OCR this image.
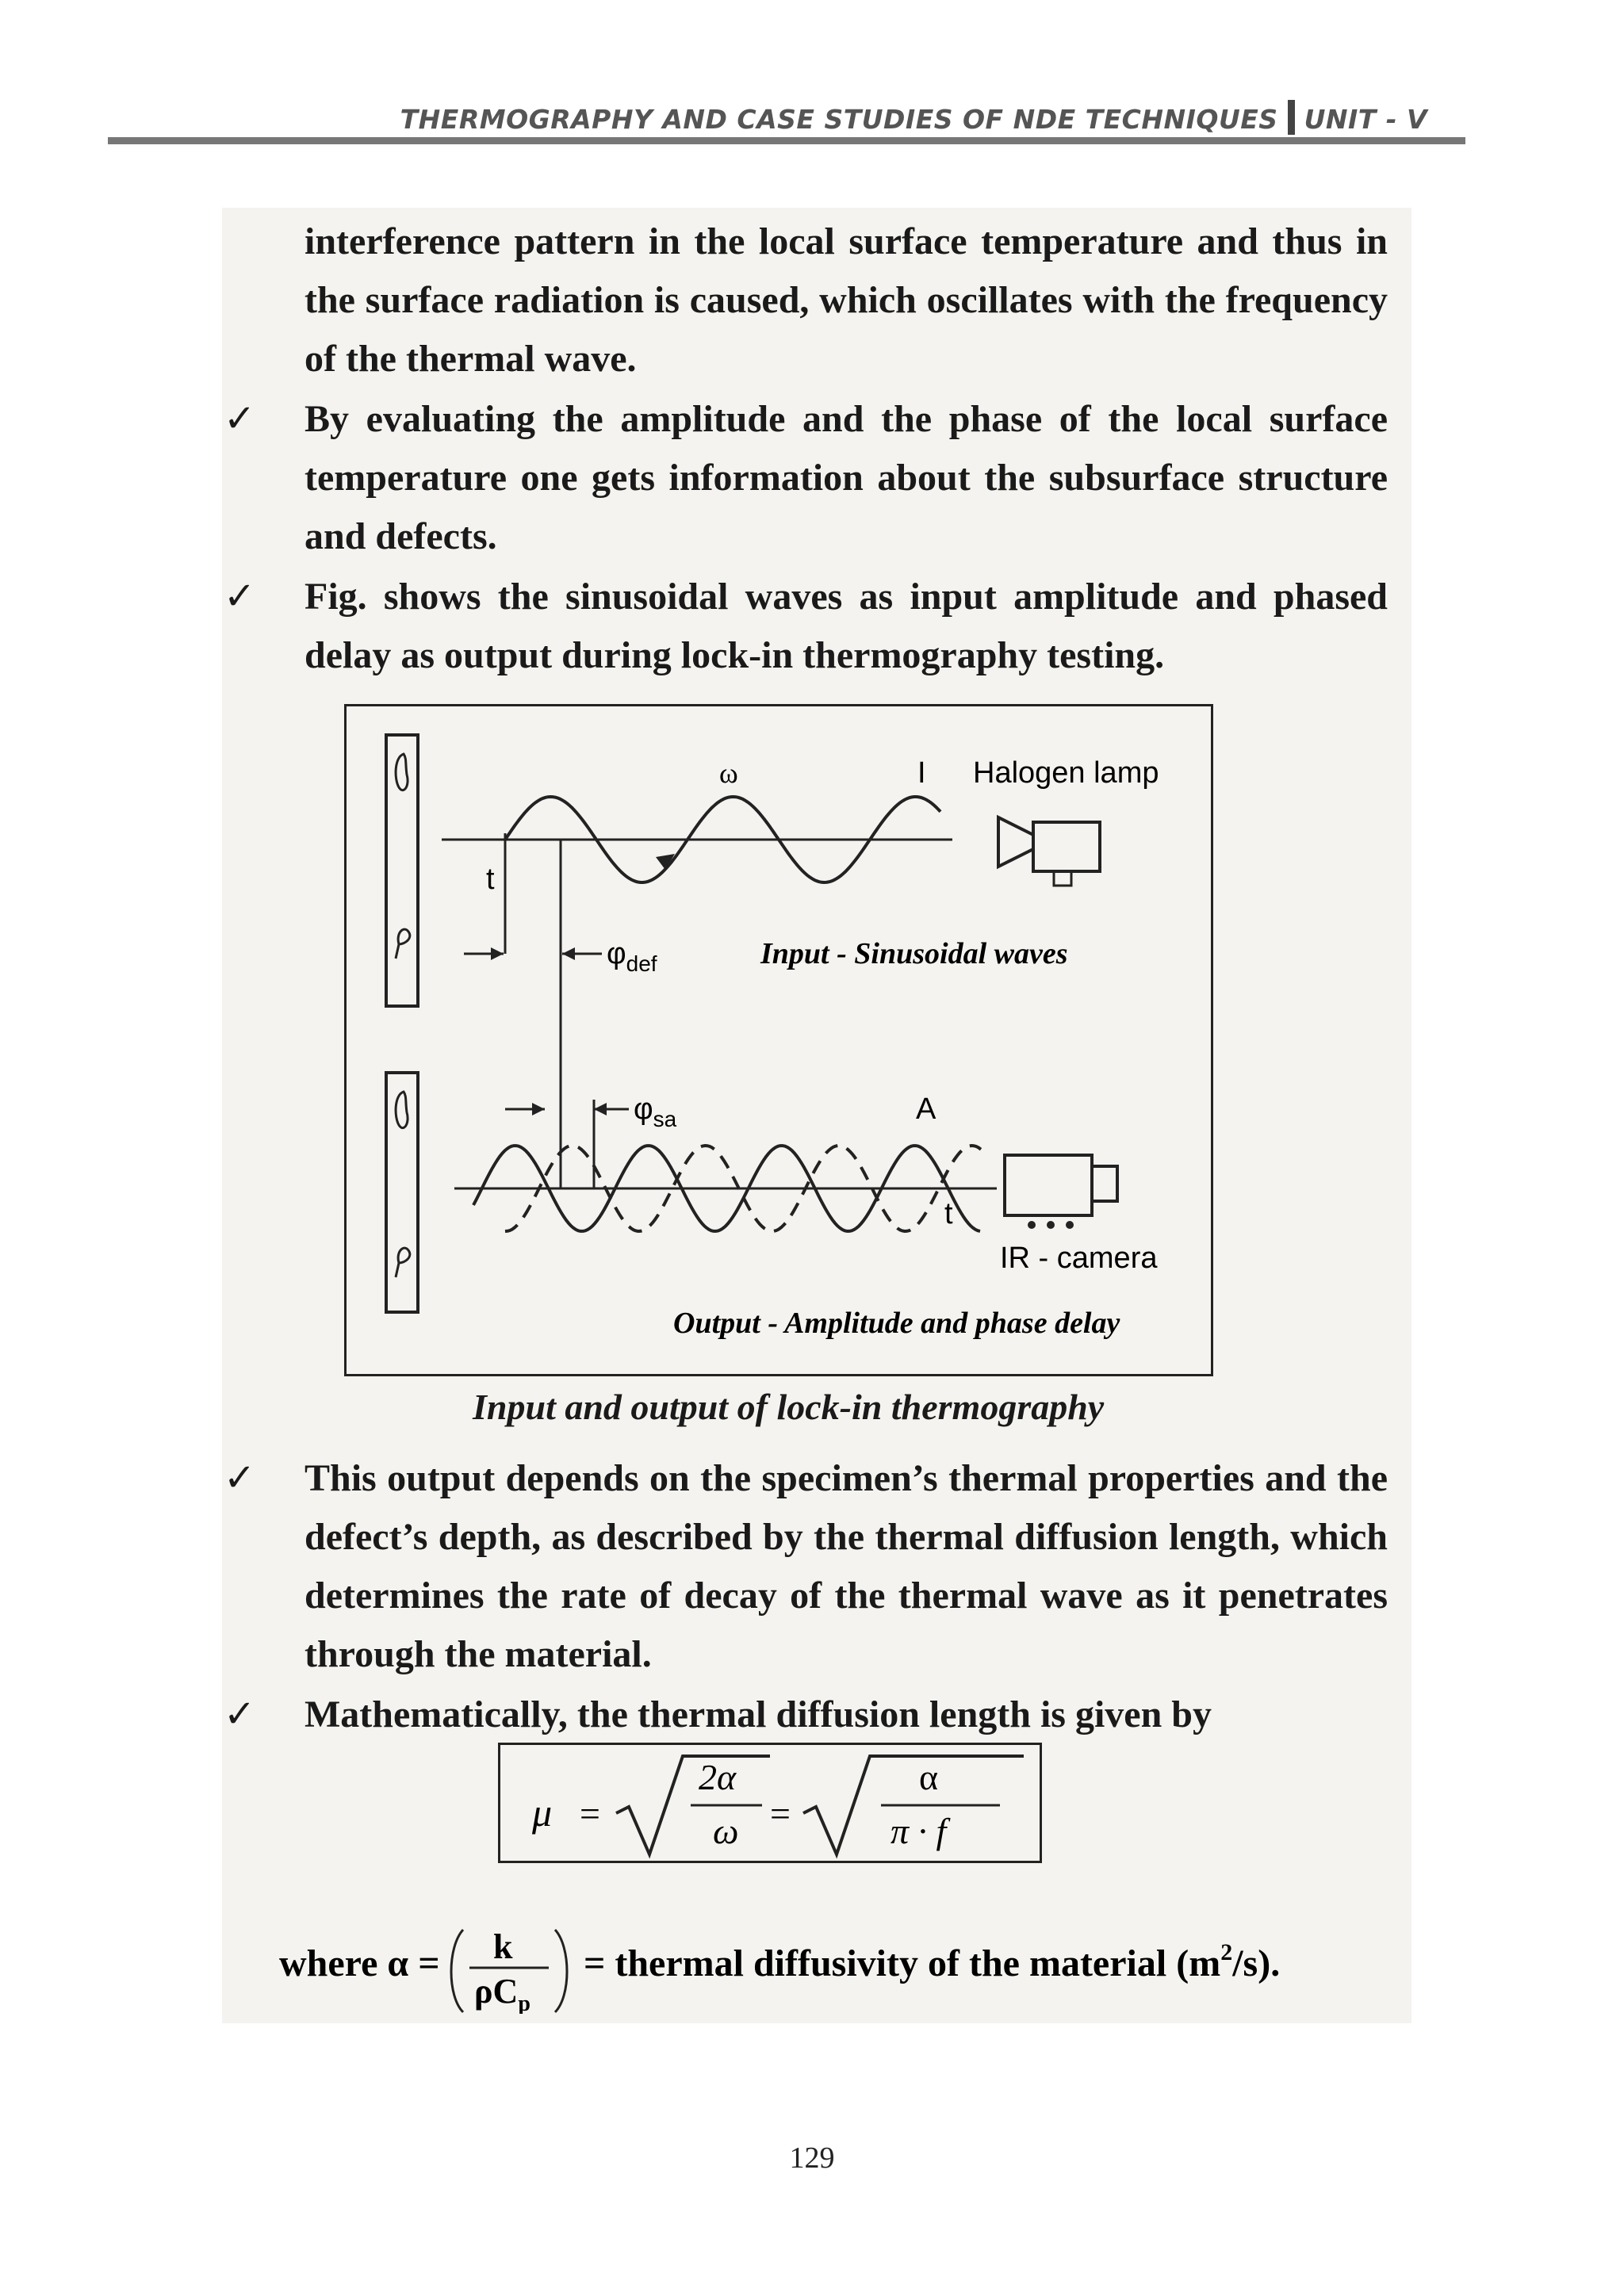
THERMOGRAPHY AND CASE STUDIES OF NDE TECHNIQUES UNIT - V
interference pattern in the local surface temperature and thus in the surface radiation is caused, which oscillates with the frequency of the thermal wave.
✓ By evaluating the amplitude and the phase of the local surface temperature one gets information about the subsurface structure and defects.
✓ Fig. shows the sinusoidal waves as input amplitude and phased delay as output during lock-in thermography testing.
ω	I Halogen lamp
t
$\varphi_{def}$	Input - Sinusoidal waves
$\varphi_{sa}$	A
t
IR - camera
Output - Amplitude and phase delay
Input and output of lock-in thermography
✓ This output depends on the specimen’s thermal properties and the defect’s depth, as described by the thermal diffusion length, which determines the rate of decay of the thermal wave as it penetrates through the material.
✓ Mathematically, the thermal diffusion length is given by
μ =
2α
ω =
α
π · f
where α = k
$\rho C_p$
= thermal diffusivity of the material $(m^2/s)$.
129
